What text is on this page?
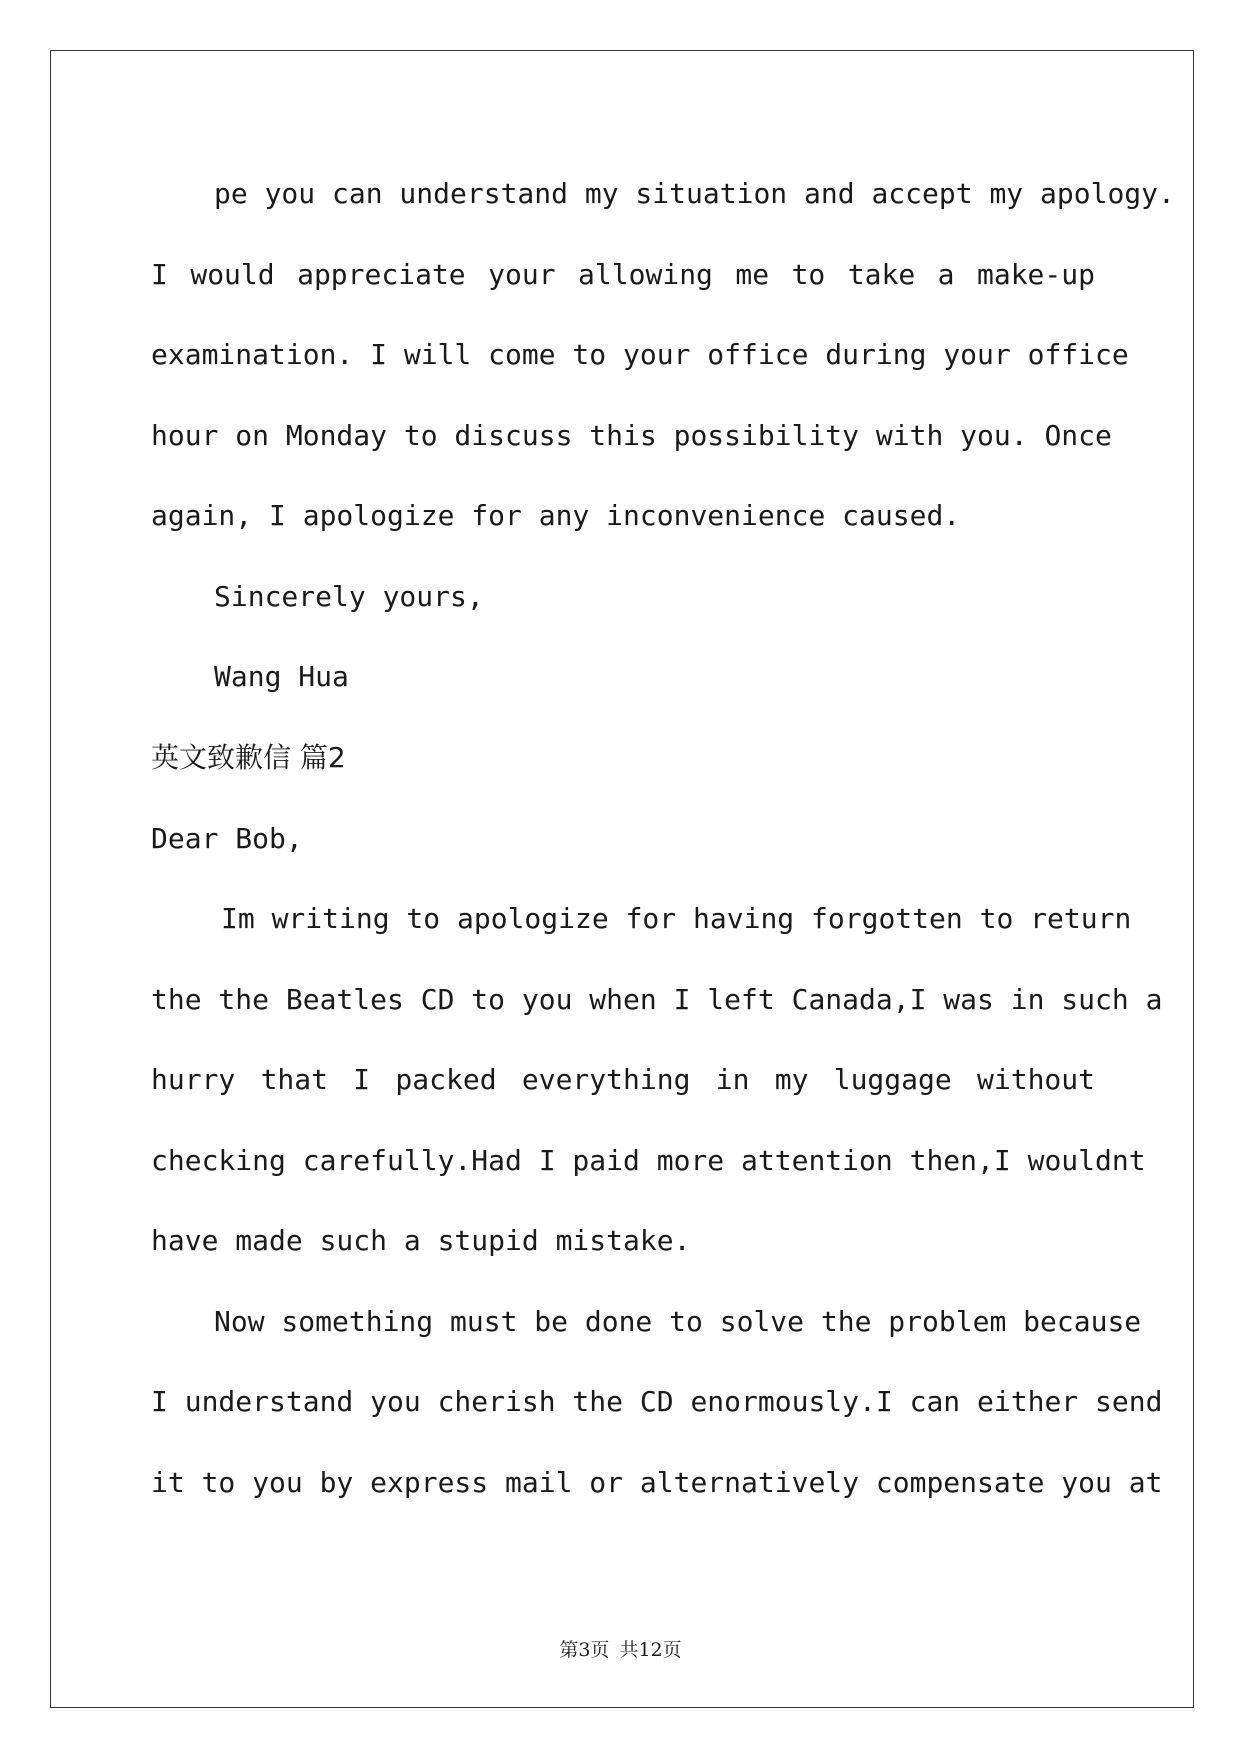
pe you can understand my situation and accept my apology.
I would appreciate your allowing me to take a make-up
examination. I will come to your office during your office
hour on Monday to discuss this possibility with you. Once
again, I apologize for any inconvenience caused.
Sincerely yours,
Wang Hua
英文致歉信 篇2
Dear Bob,
Im writing to apologize for having forgotten to return
the the Beatles CD to you when I left Canada,I was in such a
hurry that I packed everything in my luggage without
checking carefully.Had I paid more attention then,I wouldnt
have made such a stupid mistake.
Now something must be done to solve the problem because
I understand you cherish the CD enormously.I can either send
it to you by express mail or alternatively compensate you at
第3页 共12页
